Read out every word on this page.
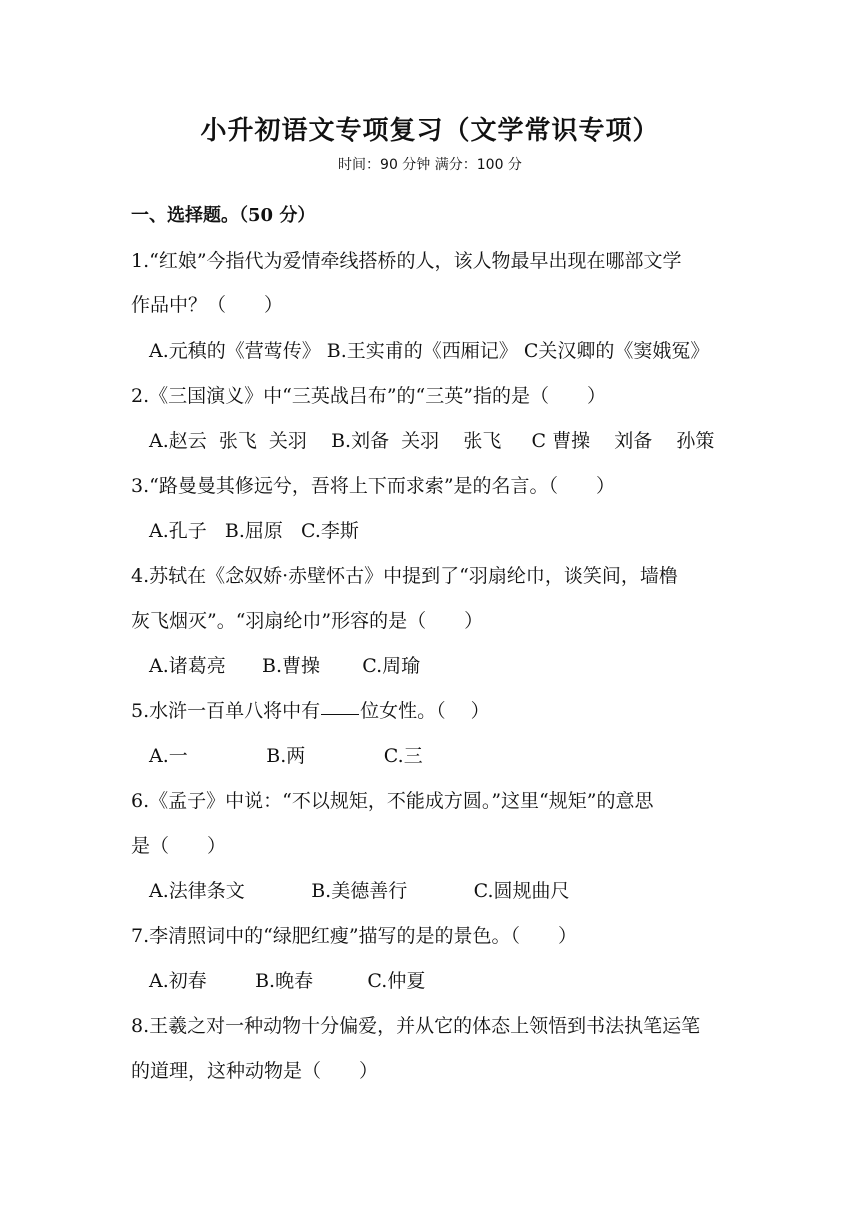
小升初语文专项复习（文学常识专项）
时间：90 分钟 满分：100 分
一、选择题。（50 分）
1.“红娘”今指代为爱情牵线搭桥的人，该人物最早出现在哪部文学
作品中？（　　）
A.元稹的《营莺传》 B.王实甫的《西厢记》 C关汉卿的《窦娥冤》
2.《三国演义》中“三英战吕布”的“三英”指的是（　　）
A.赵云  张飞  关羽    B.刘备  关羽    张飞     C 曹操    刘备    孙策
3.“路曼曼其修远兮，吾将上下而求索”是的名言。（　　）
A.孔子   B.屈原   C.李斯
4.苏轼在《念奴娇·赤壁怀古》中提到了“羽扇纶巾，谈笑间，墙橹
灰飞烟灭”。“羽扇纶巾”形容的是（　　）
A.诸葛亮      B.曹操       C.周瑜
5.水浒一百单八将中有 位女性。（　 ）
A.一             B.两             C.三
6.《孟子》中说：“不以规矩，不能成方圆。”这里“规矩”的意思
是（　　）
A.法律条文           B.美德善行           C.圆规曲尺
7.李清照词中的“绿肥红瘦”描写的是的景色。（　　）
A.初春        B.晚春         C.仲夏
8.王羲之对一种动物十分偏爱，并从它的体态上领悟到书法执笔运笔
的道理，这种动物是（　　）
